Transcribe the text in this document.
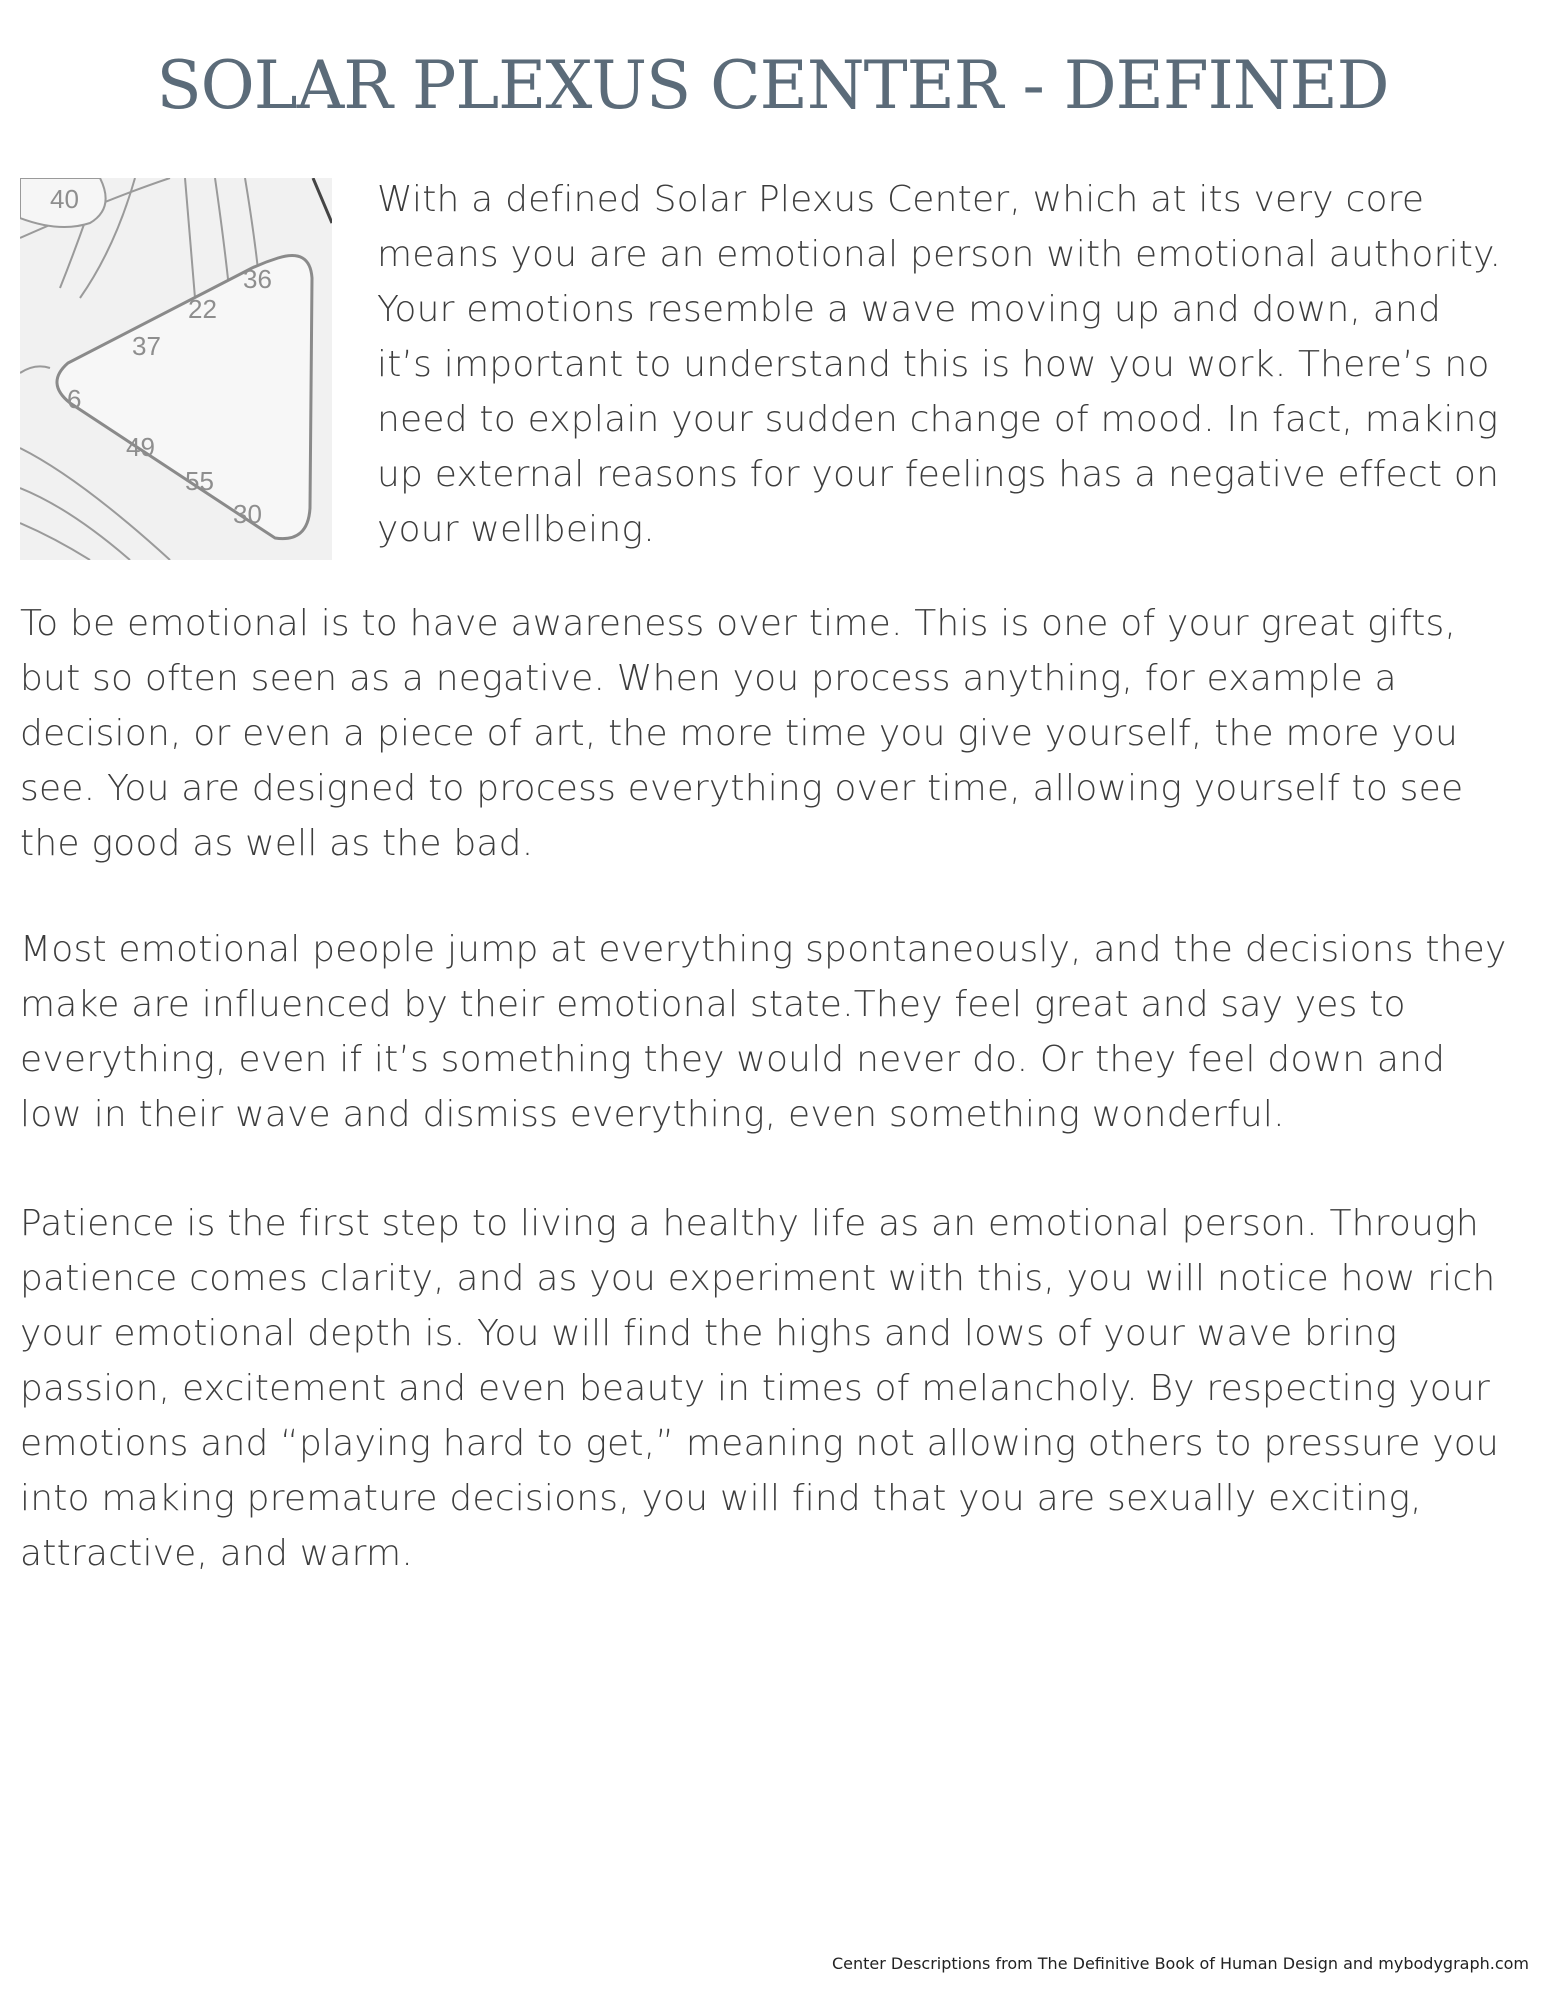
SOLAR PLEXUS CENTER - DEFINED
40
36
22
37
6
49
55
30

With a defined Solar Plexus Center, which at its very core means you are an emotional person with emotional authority. Your emotions resemble a wave moving up and down, and it’s important to understand this is how you work. There’s no need to explain your sudden change of mood. In fact, making up external reasons for your feelings has a negative effect on your wellbeing.

To be emotional is to have awareness over time. This is one of your great gifts, but so often seen as a negative. When you process anything, for example a decision, or even a piece of art, the more time you give yourself, the more you see. You are designed to process everything over time, allowing yourself to see the good as well as the bad.

Most emotional people jump at everything spontaneously, and the decisions they make are influenced by their emotional state.They feel great and say yes to everything, even if it’s something they would never do. Or they feel down and low in their wave and dismiss everything, even something wonderful.

Patience is the first step to living a healthy life as an emotional person. Through patience comes clarity, and as you experiment with this, you will notice how rich your emotional depth is. You will find the highs and lows of your wave bring passion, excitement and even beauty in times of melancholy. By respecting your emotions and “playing hard to get,” meaning not allowing others to pressure you into making premature decisions, you will find that you are sexually exciting, attractive, and warm.

Center Descriptions from The Definitive Book of Human Design and mybodygraph.com
